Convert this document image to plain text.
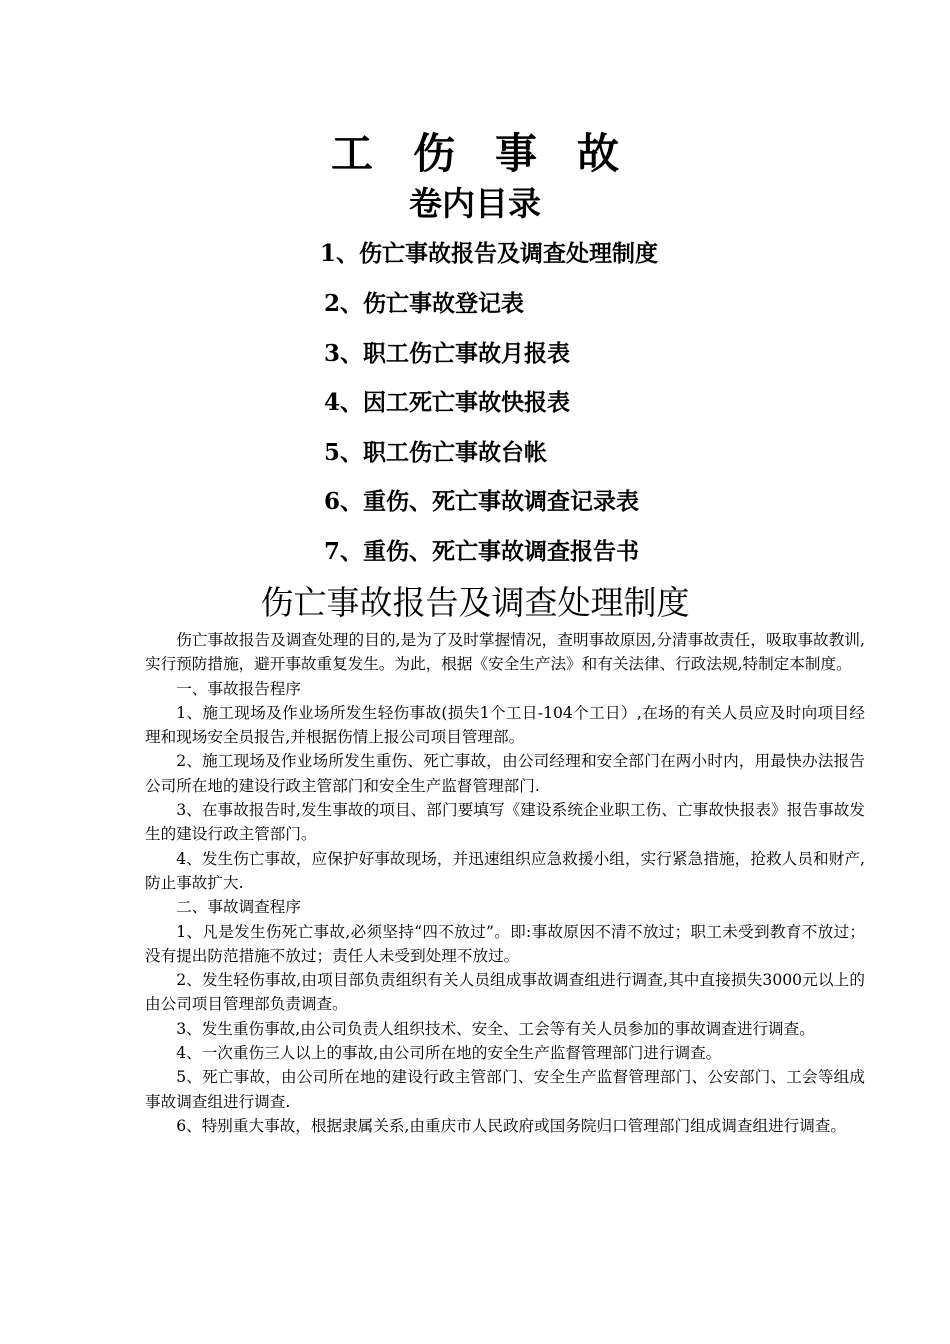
工伤事故
卷内目录
1、伤亡事故报告及调查处理制度
2、伤亡事故登记表
3、职工伤亡事故月报表
4、因工死亡事故快报表
5、职工伤亡事故台帐
6、重伤、死亡事故调查记录表
7、重伤、死亡事故调查报告书
伤亡事故报告及调查处理制度

伤亡事故报告及调查处理的目的,是为了及时掌握情况，查明事故原因,分清事故责任，吸取事故教训,实行预防措施，避开事故重复发生。为此，根据《安全生产法》和有关法律、行政法规,特制定本制度。

一、事故报告程序

1、施工现场及作业场所发生轻伤事故(损失1个工日-104个工日）,在场的有关人员应及时向项目经理和现场安全员报告,并根据伤情上报公司项目管理部。

2、施工现场及作业场所发生重伤、死亡事故，由公司经理和安全部门在两小时内，用最快办法报告公司所在地的建设行政主管部门和安全生产监督管理部门.

3、在事故报告时,发生事故的项目、部门要填写《建设系统企业职工伤、亡事故快报表》报告事故发生的建设行政主管部门。

4、发生伤亡事故，应保护好事故现场，并迅速组织应急救援小组，实行紧急措施，抢救人员和财产,防止事故扩大.

二、事故调查程序

1、凡是发生伤死亡事故,必须坚持“四不放过”。即:事故原因不清不放过；职工未受到教育不放过；没有提出防范措施不放过；责任人未受到处理不放过。

2、发生轻伤事故,由项目部负责组织有关人员组成事故调查组进行调查,其中直接损失3000元以上的由公司项目管理部负责调查。

3、发生重伤事故,由公司负责人组织技术、安全、工会等有关人员参加的事故调查进行调查。

4、一次重伤三人以上的事故,由公司所在地的安全生产监督管理部门进行调查。

5、死亡事故，由公司所在地的建设行政主管部门、安全生产监督管理部门、公安部门、工会等组成事故调查组进行调查.

6、特别重大事故，根据隶属关系,由重庆市人民政府或国务院归口管理部门组成调查组进行调查。
